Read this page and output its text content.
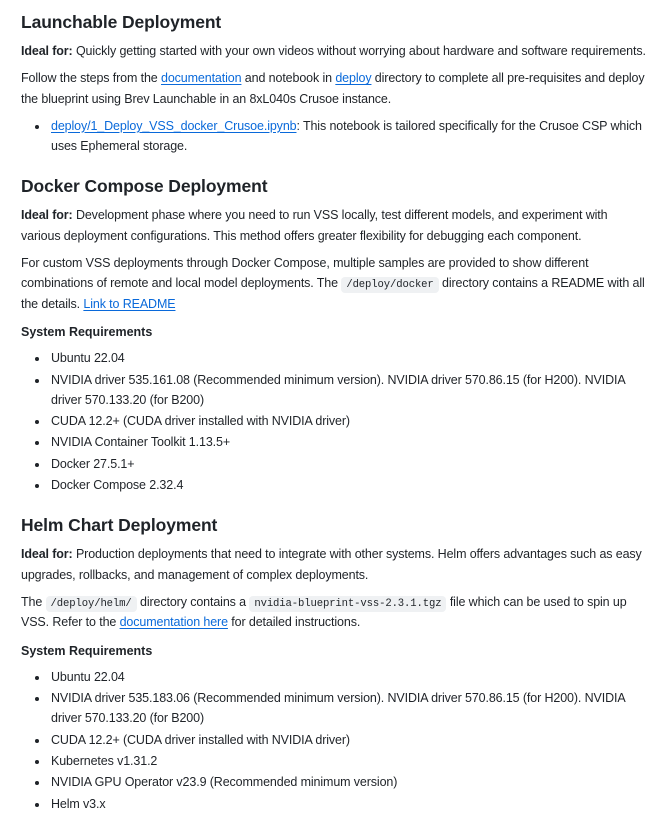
Launchable Deployment

Ideal for: Quickly getting started with your own videos without worrying about hardware and software requirements.

Follow the steps from the documentation and notebook in deploy directory to complete all pre-requisites and deploy the blueprint using Brev Launchable in an 8xL040s Crusoe instance.

• deploy/1_Deploy_VSS_docker_Crusoe.ipynb: This notebook is tailored specifically for the Crusoe CSP which uses Ephemeral storage.
Docker Compose Deployment

Ideal for: Development phase where you need to run VSS locally, test different models, and experiment with various deployment configurations. This method offers greater flexibility for debugging each component.

For custom VSS deployments through Docker Compose, multiple samples are provided to show different combinations of remote and local model deployments. The /deploy/docker directory contains a README with all the details. Link to README

System Requirements
• Ubuntu 22.04
• NVIDIA driver 535.161.08 (Recommended minimum version). NVIDIA driver 570.86.15 (for H200). NVIDIA driver 570.133.20 (for B200)
• CUDA 12.2+ (CUDA driver installed with NVIDIA driver)
• NVIDIA Container Toolkit 1.13.5+
• Docker 27.5.1+
• Docker Compose 2.32.4
Helm Chart Deployment

Ideal for: Production deployments that need to integrate with other systems. Helm offers advantages such as easy upgrades, rollbacks, and management of complex deployments.

The /deploy/helm/ directory contains a nvidia-blueprint-vss-2.3.1.tgz file which can be used to spin up VSS. Refer to the documentation here for detailed instructions.

System Requirements
• Ubuntu 22.04
• NVIDIA driver 535.183.06 (Recommended minimum version). NVIDIA driver 570.86.15 (for H200). NVIDIA driver 570.133.20 (for B200)
• CUDA 12.2+ (CUDA driver installed with NVIDIA driver)
• Kubernetes v1.31.2
• NVIDIA GPU Operator v23.9 (Recommended minimum version)
• Helm v3.x
